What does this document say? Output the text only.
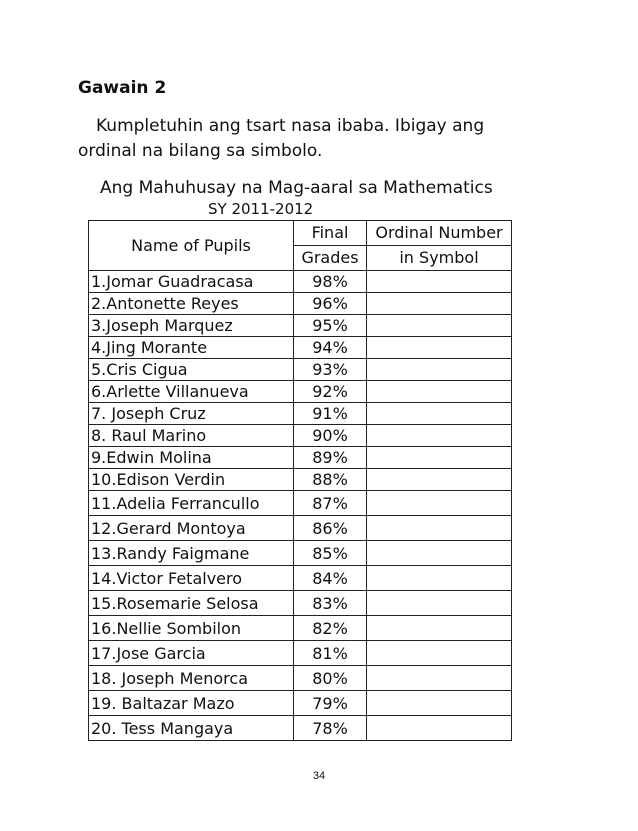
Gawain 2
Kumpletuhin ang tsart nasa ibaba. Ibigay ang
ordinal na bilang sa simbolo.
Ang Mahuhusay na Mag-aaral sa Mathematics
SY 2011-2012
Name of Pupils	Final	Ordinal Number
	Grades	in Symbol
1.Jomar Guadracasa	98%	
2.Antonette Reyes	96%	
3.Joseph Marquez	95%	
4.Jing Morante	94%	
5.Cris Cigua	93%	
6.Arlette Villanueva	92%	
7. Joseph Cruz	91%	
8. Raul Marino	90%	
9.Edwin Molina	89%	
10.Edison Verdin	88%	
11.Adelia Ferrancullo	87%	
12.Gerard Montoya	86%	
13.Randy Faigmane	85%	
14.Victor Fetalvero	84%	
15.Rosemarie Selosa	83%	
16.Nellie Sombilon	82%	
17.Jose Garcia	81%	
18. Joseph Menorca	80%	
19. Baltazar Mazo	79%	
20. Tess Mangaya	78%	
34
